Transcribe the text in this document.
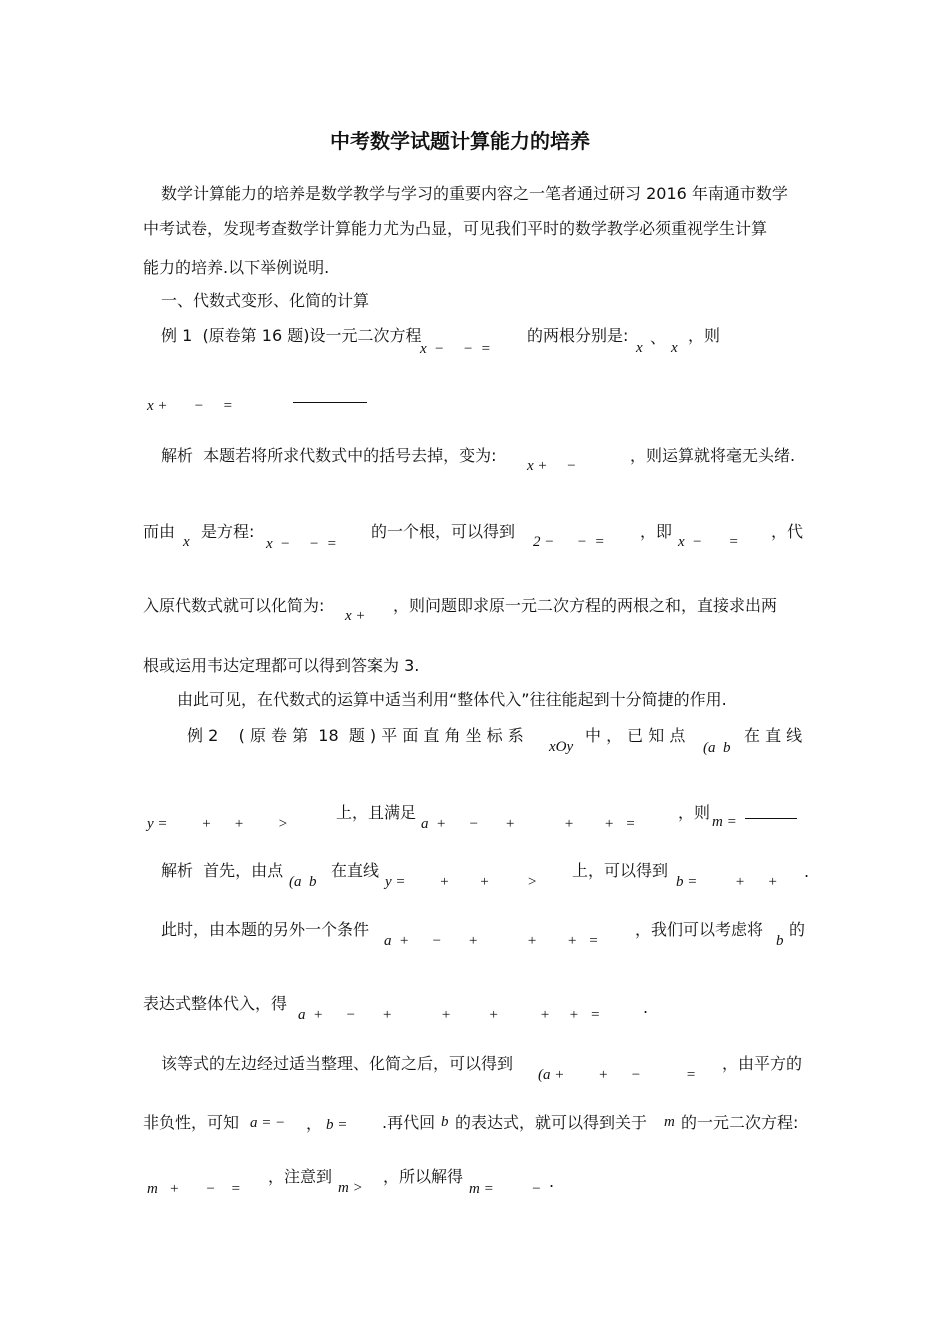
中考数学试题计算能力的培养
数学计算能力的培养是数学教学与学习的重要内容之一笔者通过研习 2016 年南通市数学
中考试卷，发现考查数学计算能力尤为凸显，可见我们平时的数学教学必须重视学生计算
能力的培养.以下举例说明.
一、代数式变形、化简的计算
例 1  (原卷第 16 题)设一元二次方程
x  −     −  =
的两根分别是:
x
、
x
，则
x +       −     =
解析  本题若将所求代数式中的括号去掉，变为:
x +     −
，则运算就将毫无头绪.
而由
x
是方程:
x  −     −  =
的一个根，可以得到
2 −      −  =
，即
x  −       =
，代
入原代数式就可以化简为:
x +
，则问题即求原一元二次方程的两根之和，直接求出两
根或运用韦达定理都可以得到答案为 3.
由此可见，在代数式的运算中适当利用“整体代入”往往能起到十分简捷的作用.
例 2    ( 原 卷 第  18  题 ) 平 面 直 角 坐 标 系
xOy
中 ， 已 知 点
(a  b
在 直 线
y =         +      +         >
上，且满足
a  +      −       +             +        +   =
，则 m =
解析  首先，由点
(a  b
在直线
y =         +        +          >
上，可以得到
b =          +      +
.
此时，由本题的另外一个条件
a  +      −       +             +        +   =
，我们可以考虑将
b
的
表达式整体代入，得
a  +      −       +             +          +           +     +   =	.
该等式的左边经过适当整理、化简之后，可以得到
(a +         +      −            =
，由平方的
非负性，可知 a = − ， b = .再代回 b 的表达式，就可以得到关于 m 的一元二次方程:
m   +       −    =
，注意到
m >
，所以解得
m =          − .
